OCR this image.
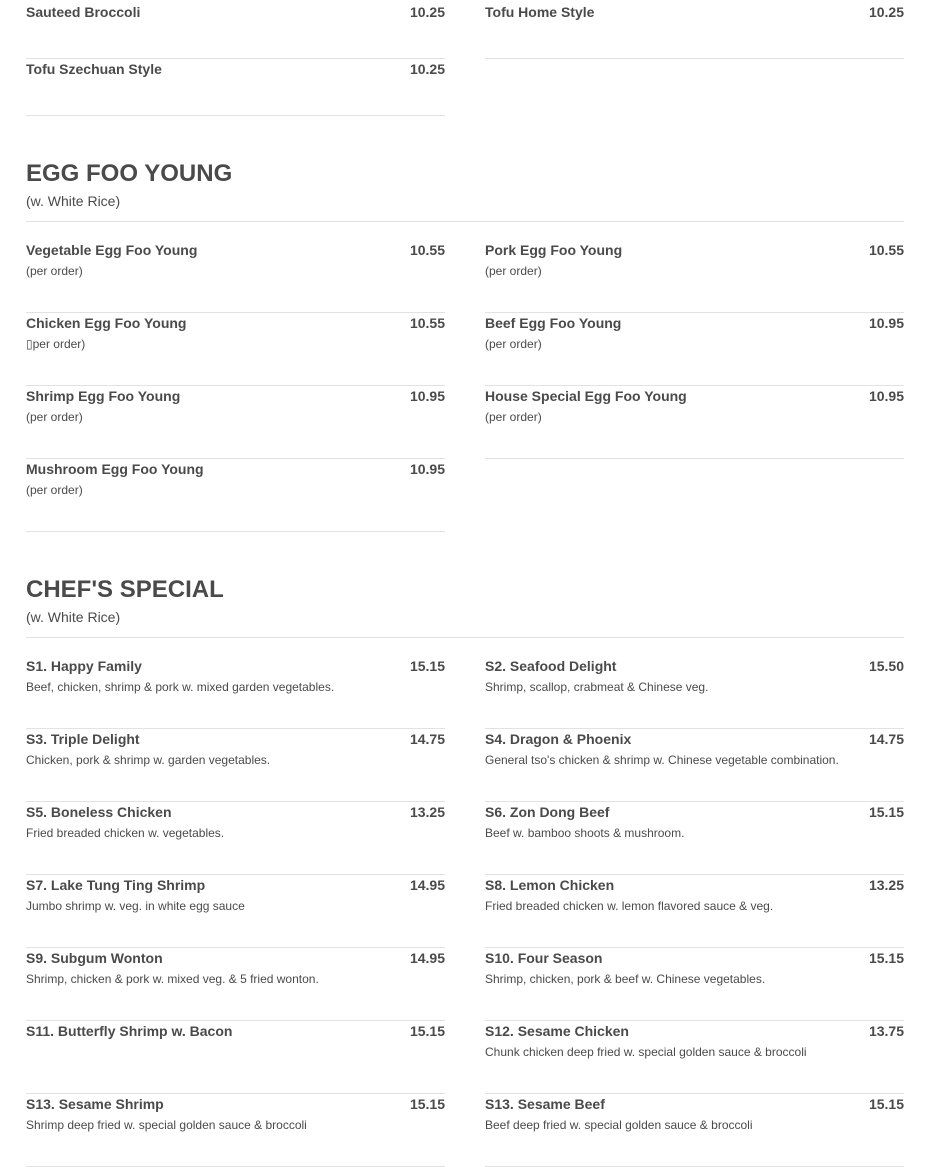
Sauteed Broccoli	10.25	Tofu Home Style	10.25
Tofu Szechuan Style	10.25
EGG FOO YOUNG
(w. White Rice)
Vegetable Egg Foo Young	10.55
(per order)
Pork Egg Foo Young	10.55
(per order)
Chicken Egg Foo Young	10.55
▯per order)
Beef Egg Foo Young	10.95
(per order)
Shrimp Egg Foo Young	10.95
(per order)
House Special Egg Foo Young	10.95
(per order)
Mushroom Egg Foo Young	10.95
(per order)
CHEF'S SPECIAL
(w. White Rice)
S1. Happy Family	15.15
Beef, chicken, shrimp & pork w. mixed garden vegetables.
S2. Seafood Delight	15.50
Shrimp, scallop, crabmeat & Chinese veg.
S3. Triple Delight	14.75
Chicken, pork & shrimp w. garden vegetables.
S4. Dragon & Phoenix	14.75
General tso's chicken & shrimp w. Chinese vegetable combination.
S5. Boneless Chicken	13.25
Fried breaded chicken w. vegetables.
S6. Zon Dong Beef	15.15
Beef w. bamboo shoots & mushroom.
S7. Lake Tung Ting Shrimp	14.95
Jumbo shrimp w. veg. in white egg sauce
S8. Lemon Chicken	13.25
Fried breaded chicken w. lemon flavored sauce & veg.
S9. Subgum Wonton	14.95
Shrimp, chicken & pork w. mixed veg. & 5 fried wonton.
S10. Four Season	15.15
Shrimp, chicken, pork & beef w. Chinese vegetables.
S11. Butterfly Shrimp w. Bacon	15.15	S12. Sesame Chicken	13.75
Chunk chicken deep fried w. special golden sauce & broccoli
S13. Sesame Shrimp	15.15
Shrimp deep fried w. special golden sauce & broccoli
S13. Sesame Beef	15.15
Beef deep fried w. special golden sauce & broccoli
